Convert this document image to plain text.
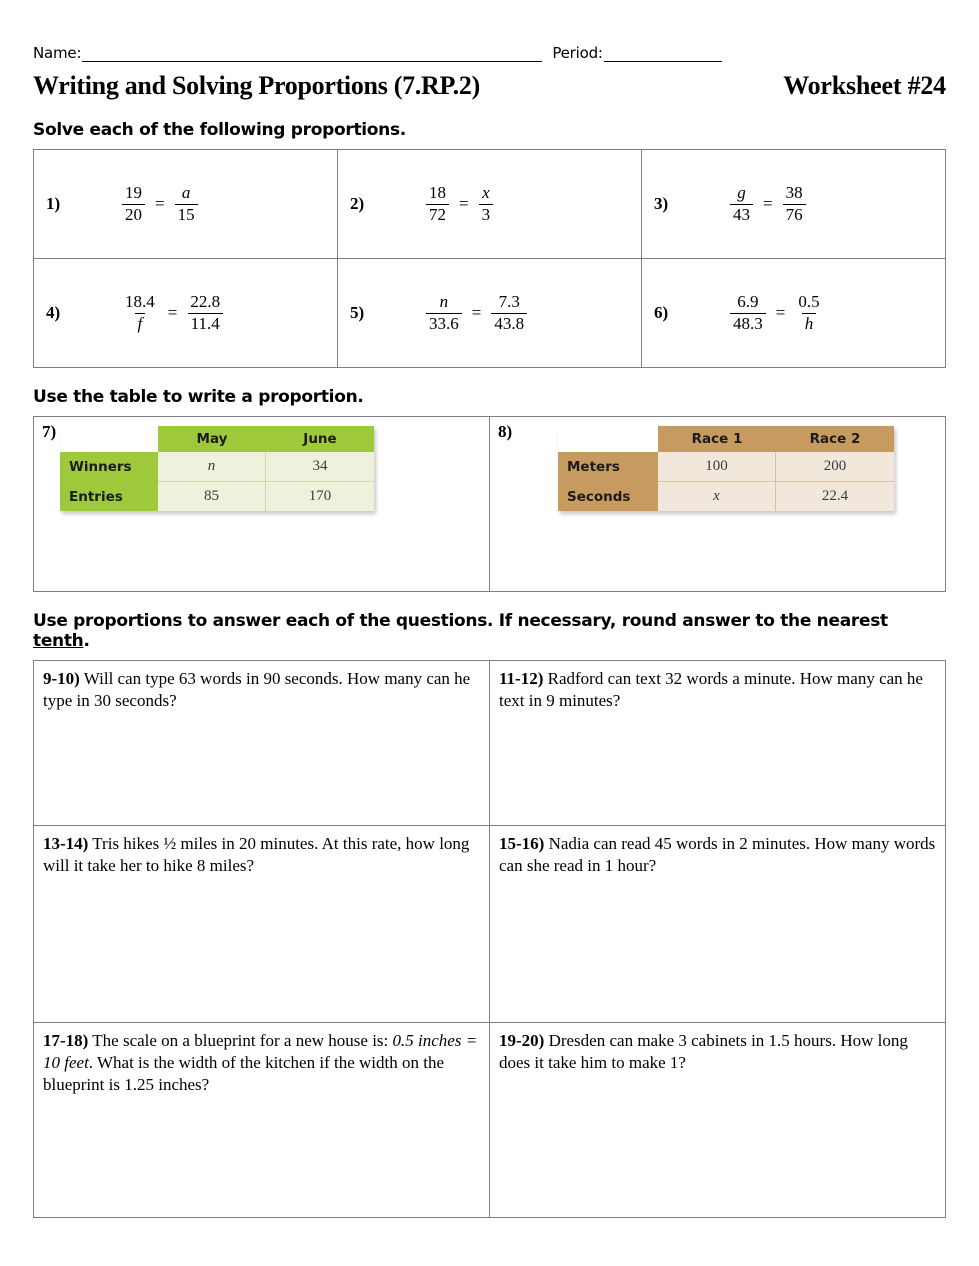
Name:	Period:
Writing and Solving Proportions (7.RP.2)	Worksheet #24
Solve each of the following proportions.
1)	$\frac{19}{20} = \frac{a}{15}$	2)	$\frac{18}{72} = \frac{x}{3}$	3)	$\frac{g}{43} = \frac{38}{76}$

4)	$\frac{18.4}{f} = \frac{22.8}{11.4}$	5)	$\frac{n}{33.6} = \frac{7.3}{43.8}$	6)	$\frac{6.9}{48.3} = \frac{0.5}{h}$
Use the table to write a proportion.
7)
		May	June
Winners	n	34
Entries	85	170

8)
		Race 1	Race 2
Meters	100	200
Seconds	x	22.4
Use proportions to answer each of the questions. If necessary, round answer to the nearest tenth.
9-10) Will can type 63 words in 90 seconds. How many can he type in 30 seconds?	11-12) Radford can text 32 words a minute. How many can he text in 9 minutes?

13-14) Tris hikes ½ miles in 20 minutes. At this rate, how long will it take her to hike 8 miles?	15-16) Nadia can read 45 words in 2 minutes. How many words can she read in 1 hour?

17-18) The scale on a blueprint for a new house is: 0.5 inches = 10 feet. What is the width of the kitchen if the width on the blueprint is 1.25 inches?	19-20) Dresden can make 3 cabinets in 1.5 hours. How long does it take him to make 1?
